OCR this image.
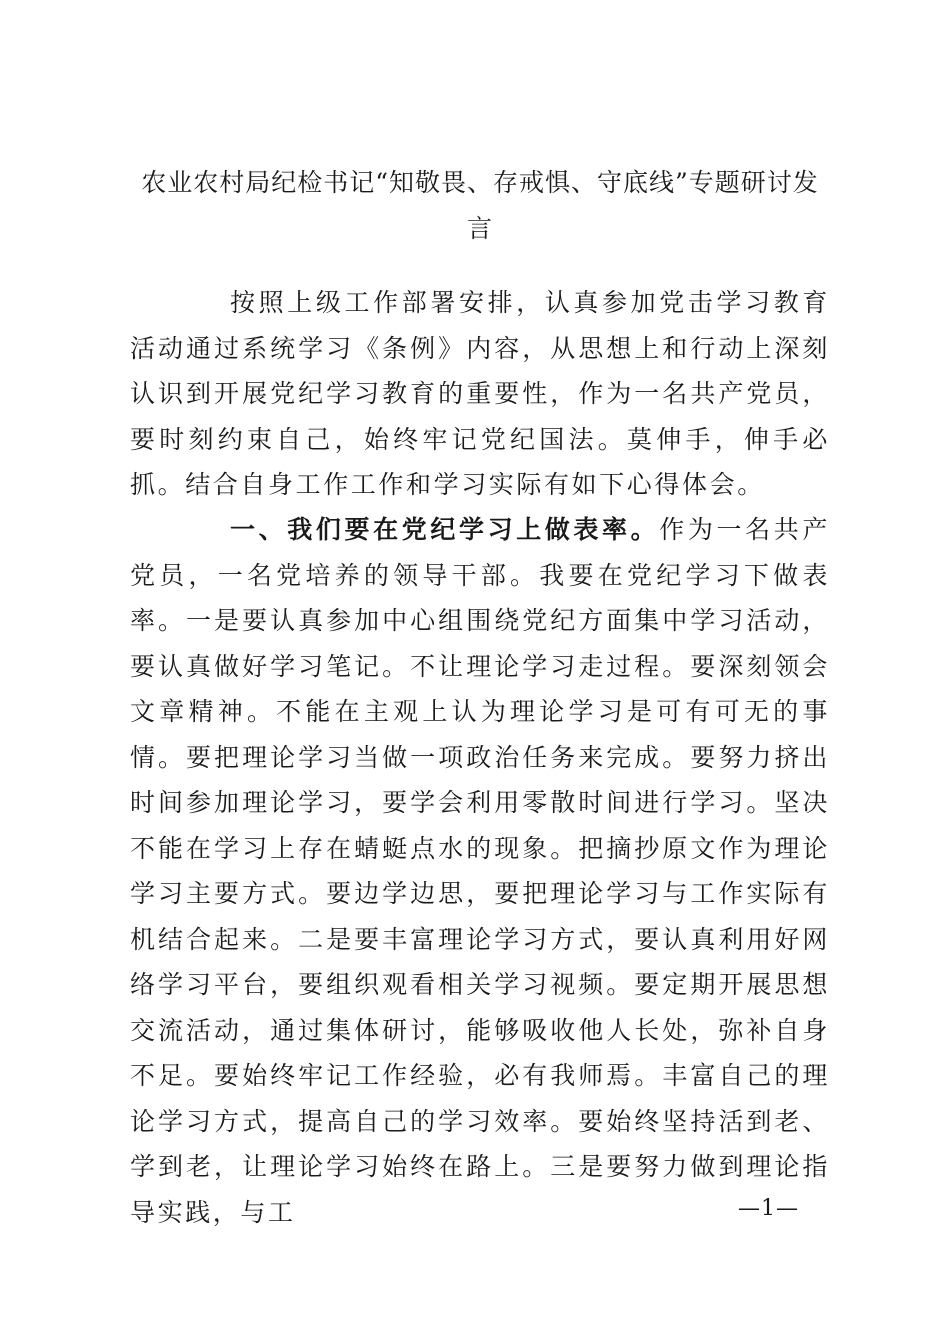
农业农村局纪检书记“知敬畏、存戒惧、守底线”专题研讨发言

按照上级工作部署安排，认真参加党击学习教育活动通过系统学习《条例》内容，从思想上和行动上深刻认识到开展党纪学习教育的重要性，作为一名共产党员，要时刻约束自己，始终牢记党纪国法。莫伸手，伸手必抓。结合自身工作工作和学习实际有如下心得体会。

一、我们要在党纪学习上做表率。作为一名共产党员，一名党培养的领导干部。我要在党纪学习下做表率。一是要认真参加中心组围绕党纪方面集中学习活动，要认真做好学习笔记。不让理论学习走过程。要深刻领会文章精神。不能在主观上认为理论学习是可有可无的事情。要把理论学习当做一项政治任务来完成。要努力挤出时间参加理论学习，要学会利用零散时间进行学习。坚决不能在学习上存在蜻蜓点水的现象。把摘抄原文作为理论学习主要方式。要边学边思，要把理论学习与工作实际有机结合起来。二是要丰富理论学习方式，要认真利用好网络学习平台，要组织观看相关学习视频。要定期开展思想交流活动，通过集体研讨，能够吸收他人长处，弥补自身不足。要始终牢记工作经验，必有我师焉。丰富自己的理论学习方式，提高自己的学习效率。要始终坚持活到老、学到老，让理论学习始终在路上。三是要努力做到理论指导实践，与工	—1—
